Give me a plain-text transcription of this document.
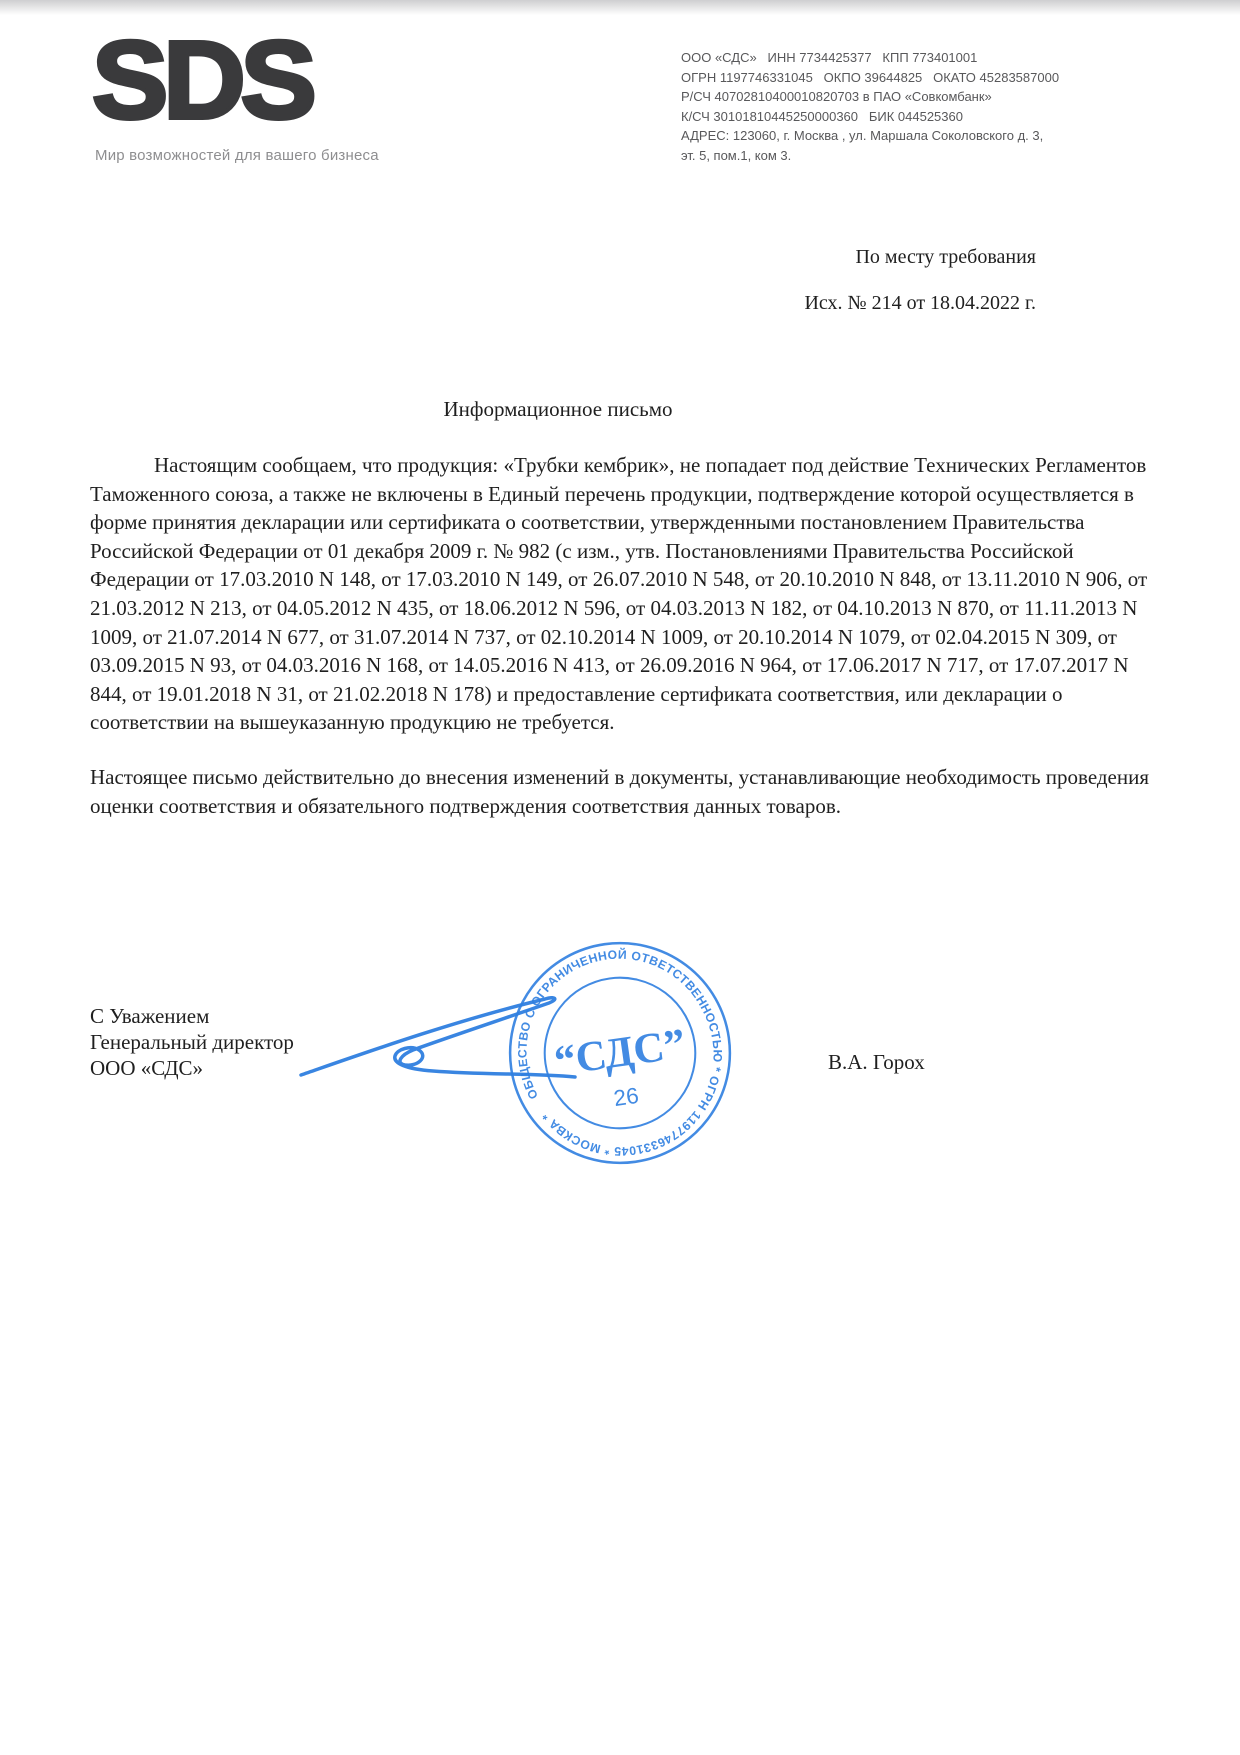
SDS
Мир возможностей для вашего бизнеса
ООО «СДС»   ИНН 7734425377   КПП 773401001
ОГРН 1197746331045   ОКПО 39644825   ОКАТО 45283587000
Р/СЧ 40702810400010820703 в ПАО «Совкомбанк»
К/СЧ 30101810445250000360   БИК 044525360
АДРЕС: 123060, г. Москва , ул. Маршала Соколовского д. 3,
эт. 5, пом.1, ком 3.
По месту требования
Исх. № 214 от 18.04.2022 г.
Информационное письмо

Настоящим сообщаем, что продукция: «Трубки кембрик», не попадает под действие Технических Регламентов Таможенного союза, а также не включены в Единый перечень продукции, подтверждение которой осуществляется в форме принятия декларации или сертификата о соответствии, утвержденными постановлением Правительства Российской Федерации от 01 декабря 2009 г. № 982 (с изм., утв. Постановлениями Правительства Российской Федерации от 17.03.2010 N 148, от 17.03.2010 N 149, от 26.07.2010 N 548, от 20.10.2010 N 848, от 13.11.2010 N 906, от 21.03.2012 N 213, от 04.05.2012 N 435, от 18.06.2012 N 596, от 04.03.2013 N 182, от 04.10.2013 N 870, от 11.11.2013 N 1009, от 21.07.2014 N 677, от 31.07.2014 N 737, от 02.10.2014 N 1009, от 20.10.2014 N 1079, от 02.04.2015 N 309, от 03.09.2015 N 93, от 04.03.2016 N 168, от 14.05.2016 N 413, от 26.09.2016 N 964, от 17.06.2017 N 717, от 17.07.2017 N 844, от 19.01.2018 N 31, от 21.02.2018 N 178) и предоставление сертификата соответствия, или декларации о соответствии на вышеуказанную продукцию не требуется.

Настоящее письмо действительно до внесения изменений в документы, устанавливающие необходимость проведения оценки соответствия и обязательного подтверждения соответствия данных товаров.

С Уважением
Генеральный директор
ООО «СДС»
ОБЩЕСТВО С ОГРАНИЧЕННОЙ ОТВЕТСТВЕННОСТЬЮ * ОГРН 1197746331045 * МОСКВА *
“СДС”
26
В.А. Горох
